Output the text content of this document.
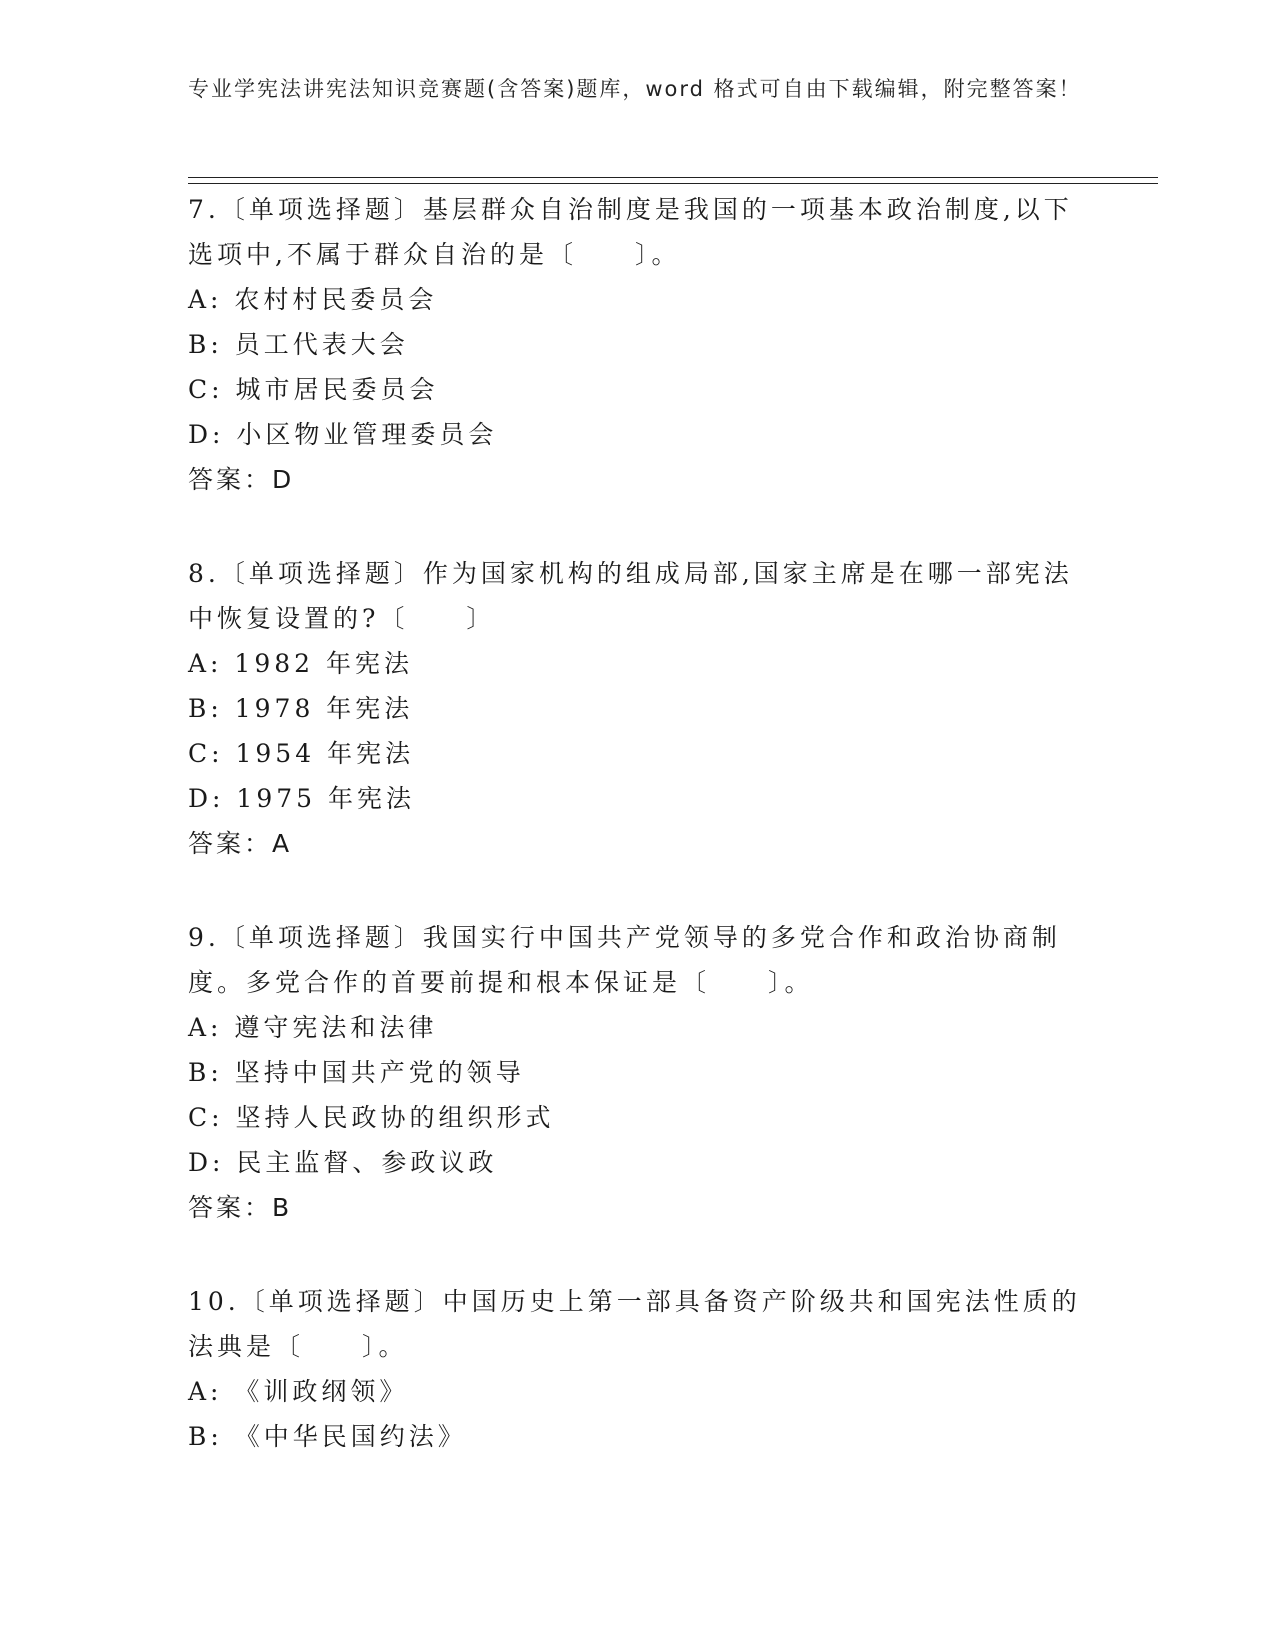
专业学宪法讲宪法知识竞赛题(含答案)题库，word 格式可自由下载编辑，附完整答案！

7.〔单项选择题〕基层群众自治制度是我国的一项基本政治制度,以下选项中,不属于群众自治的是〔　　〕。

A: 农村村民委员会

B: 员工代表大会

C: 城市居民委员会

D: 小区物业管理委员会

答案：D

8.〔单项选择题〕作为国家机构的组成局部,国家主席是在哪一部宪法中恢复设置的?〔　　〕

A: 1982 年宪法

B: 1978 年宪法

C: 1954 年宪法

D: 1975 年宪法

答案：A

9.〔单项选择题〕我国实行中国共产党领导的多党合作和政治协商制度。多党合作的首要前提和根本保证是〔　　〕。

A: 遵守宪法和法律

B: 坚持中国共产党的领导

C: 坚持人民政协的组织形式

D: 民主监督、参政议政

答案：B

10.〔单项选择题〕中国历史上第一部具备资产阶级共和国宪法性质的法典是〔　　〕。

A: 《训政纲领》

B: 《中华民国约法》
